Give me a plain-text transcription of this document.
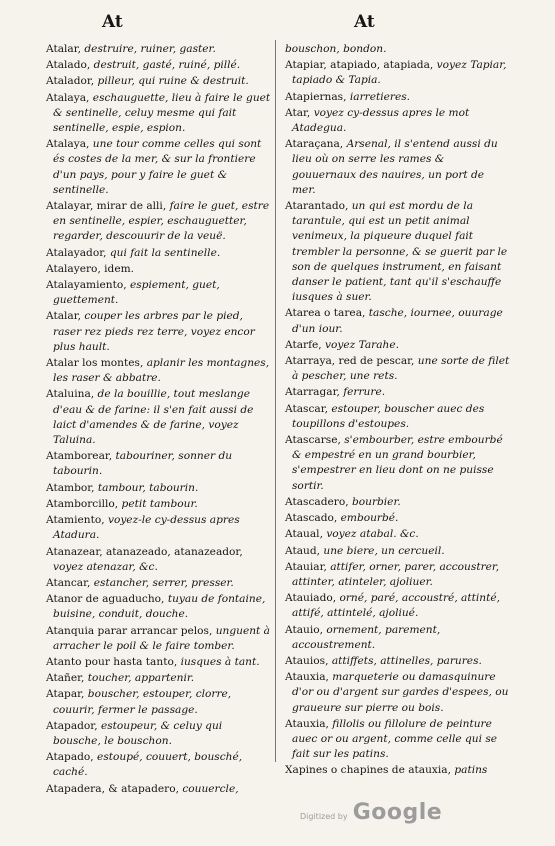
At	At
Atalar, destruire, ruiner, gaster.
Atalado, destruit, gasté, ruiné, pillé.
Atalador, pilleur, qui ruine & destruit.
Atalaya, eschauguette, lieu à faire le guet & sentinelle, celuy mesme qui fait sentinelle, espie, espion.
Atalaya, une tour comme celles qui sont és costes de la mer, & sur la frontiere d'un pays, pour y faire le guet & sentinelle.
Atalayar, mirar de alli, faire le guet, estre en sentinelle, espier, eschauguetter, regarder, descouurir de la veuë.
Atalayador, qui fait la sentinelle.
Atalayero, idem.
Atalayamiento, espiement, guet, guettement.
Atalar, couper les arbres par le pied, raser rez pieds rez terre, voyez encor plus hault.
Atalar los montes, aplanir les montagnes, les raser & abbatre.
Ataluina, de la bouillie, tout meslange d'eau & de farine: il s'en fait aussi de laict d'amendes & de farine, voyez Taluina.
Atamborear, tabouriner, sonner du tabourin.
Atambor, tambour, tabourin.
Atamborcillo, petit tambour.
Atamiento, voyez-le cy-dessus apres Atadura.
Atanazear, atanazeado, atanazeador, voyez atenazar, &c.
Atancar, estancher, serrer, presser.
Atanor de aguaducho, tuyau de fontaine, buisine, conduit, douche.
Atanquia parar arrancar pelos, unguent à arracher le poil & le faire tomber.
Atanto pour hasta tanto, iusques à tant.
Atañer, toucher, appartenir.
Atapar, bouscher, estouper, clorre, couurir, fermer le passage.
Atapador, estoupeur, & celuy qui bousche, le bouschon.
Atapado, estoupé, couuert, bousché, caché.
Atapadera, & atapadero, couuercle,
bouschon, bondon.
Atapiar, atapiado, atapiada, voyez Tapiar, tapiado & Tapia.
Atapiernas, iarretieres.
Atar, voyez cy-dessus apres le mot Atadegua.
Ataraçana, Arsenal, il s'entend aussi du lieu où on serre les rames & gouuernaux des nauires, un port de mer.
Atarantado, un qui est mordu de la tarantule, qui est un petit animal venimeux, la piqueure duquel fait trembler la personne, & se guerit par le son de quelques instrument, en faisant danser le patient, tant qu'il s'eschauffe iusques à suer.
Atarea o tarea, tasche, iournee, ouurage d'un iour.
Atarfe, voyez Tarahe.
Atarraya, red de pescar, une sorte de filet à pescher, une rets.
Atarragar, ferrure.
Atascar, estouper, bouscher auec des toupillons d'estoupes.
Atascarse, s'embourber, estre embourbé & empestré en un grand bourbier, s'empestrer en lieu dont on ne puisse sortir.
Atascadero, bourbier.
Atascado, embourbé.
Ataual, voyez atabal. &c.
Ataud, une biere, un cercueil.
Atauiar, attifer, orner, parer, accoustrer, attinter, atinteler, ajoliuer.
Atauiado, orné, paré, accoustré, attinté, attifé, attintelé, ajoliué.
Atauio, ornement, parement, accoustrement.
Atauios, attiffets, attinelles, parures.
Atauxia, marqueterie ou damasquinure d'or ou d'argent sur gardes d'espees, ou graueure sur pierre ou bois.
Atauxia, fillolis ou fillolure de peinture auec or ou argent, comme celle qui se fait sur les patins.
Xapines o chapines de atauxia, patins
Digitized by Google
